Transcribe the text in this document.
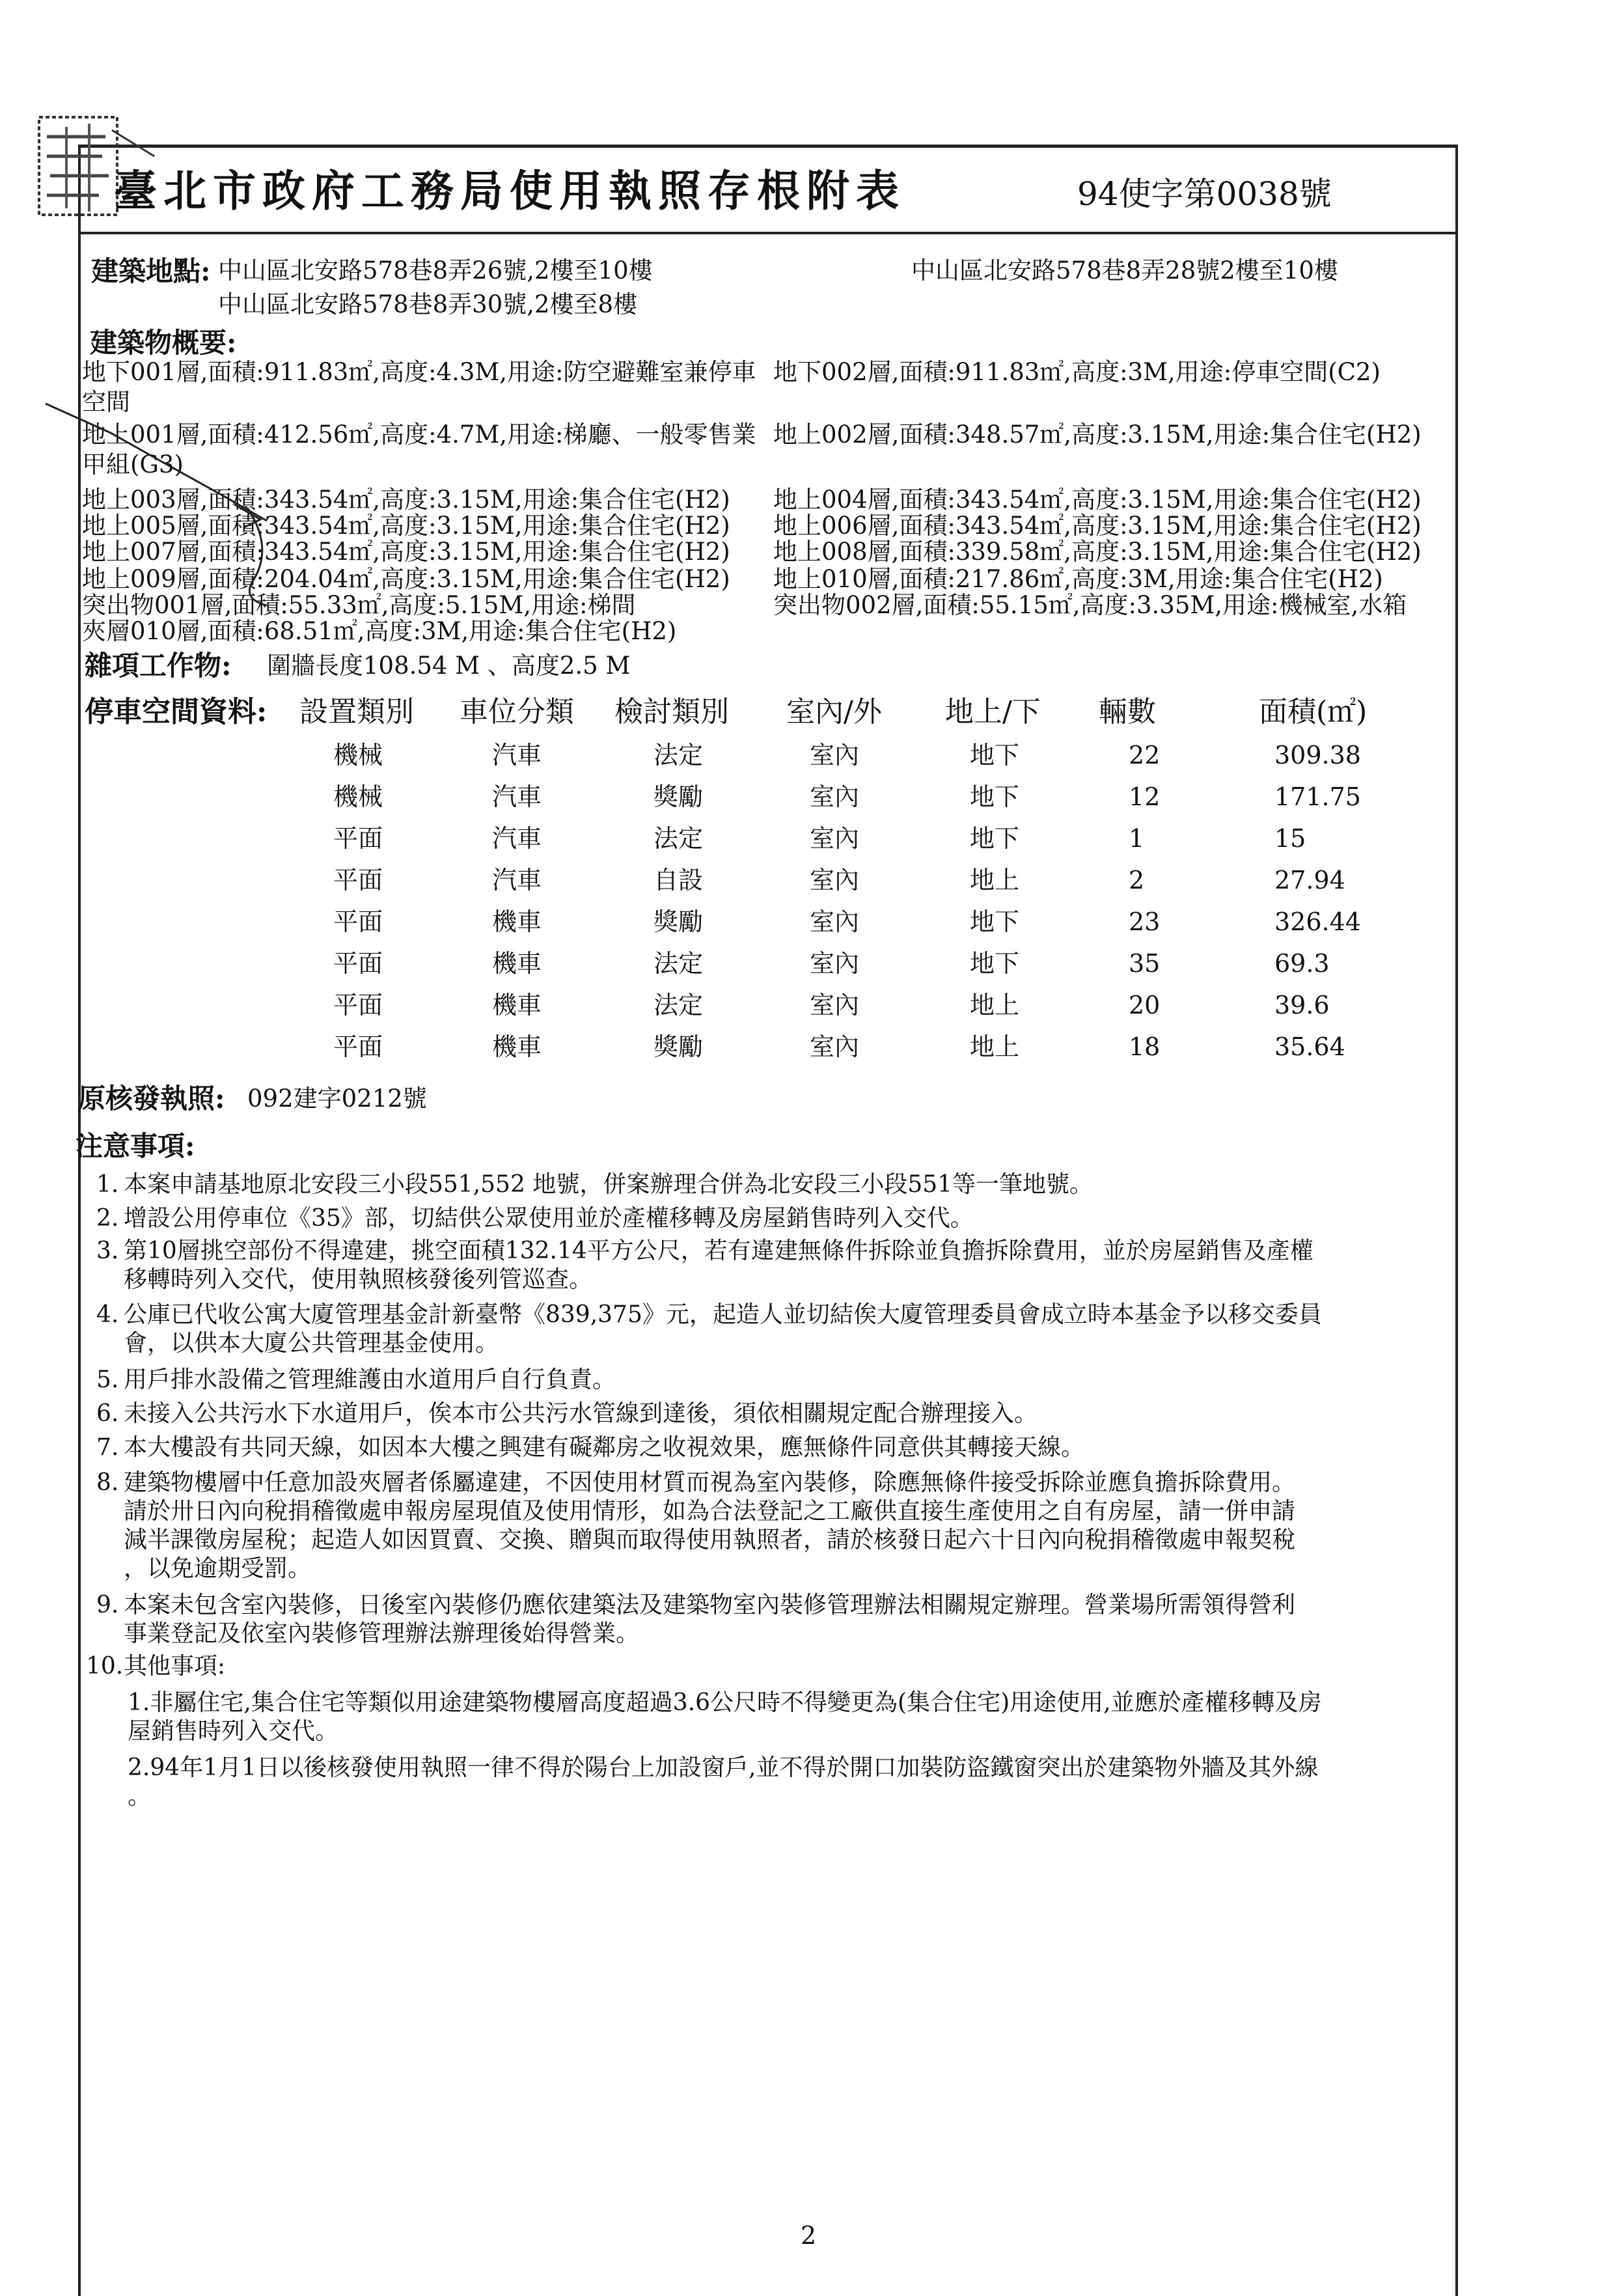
臺北市政府工務局使用執照存根附表	94使字第0038號
建築地點: 中山區北安路578巷8弄26號,2樓至10樓	中山區北安路578巷8弄28號2樓至10樓
中山區北安路578巷8弄30號,2樓至8樓
建築物概要:
地下001層,面積:911.83㎡,高度:4.3M,用途:防空避難室兼停車 地下002層,面積:911.83㎡,高度:3M,用途:停車空間(C2)
空間
地上001層,面積:412.56㎡,高度:4.7M,用途:梯廳、一般零售業 地上002層,面積:348.57㎡,高度:3.15M,用途:集合住宅(H2)
甲組(G3)
地上003層,面積:343.54㎡,高度:3.15M,用途:集合住宅(H2) 地上004層,面積:343.54㎡,高度:3.15M,用途:集合住宅(H2)
地上005層,面積:343.54㎡,高度:3.15M,用途:集合住宅(H2) 地上006層,面積:343.54㎡,高度:3.15M,用途:集合住宅(H2)
地上007層,面積:343.54㎡,高度:3.15M,用途:集合住宅(H2) 地上008層,面積:339.58㎡,高度:3.15M,用途:集合住宅(H2)
地上009層,面積:204.04㎡,高度:3.15M,用途:集合住宅(H2) 地上010層,面積:217.86㎡,高度:3M,用途:集合住宅(H2)
突出物001層,面積:55.33㎡,高度:5.15M,用途:梯間	突出物002層,面積:55.15㎡,高度:3.35M,用途:機械室,水箱
夾層010層,面積:68.51㎡,高度:3M,用途:集合住宅(H2)
雜項工作物: 圍牆長度108.54 M 、高度2.5 M
停車空間資料: 設置類別 車位分類 檢討類別 室內/外 地上/下 輛數	面積(㎡)
機械	汽車	法定	室內	地下	22	309.38
機械	汽車	獎勵	室內	地下	12	171.75
平面	汽車	法定	室內	地下	1	15
平面	汽車	自設	室內	地上	2	27.94
平面	機車	獎勵	室內	地下	23	326.44
平面	機車	法定	室內	地下	35	69.3
平面	機車	法定	室內	地上	20	39.6
平面	機車	獎勵	室內	地上	18	35.64
原核發執照: 092建字0212號
注意事項:
1. 本案申請基地原北安段三小段551,552 地號，併案辦理合併為北安段三小段551等一筆地號。
2. 增設公用停車位《35》部，切結供公眾使用並於產權移轉及房屋銷售時列入交代。
3. 第10層挑空部份不得違建，挑空面積132.14平方公尺，若有違建無條件拆除並負擔拆除費用，並於房屋銷售及產權
移轉時列入交代，使用執照核發後列管巡查。
4. 公庫已代收公寓大廈管理基金計新臺幣《839,375》元，起造人並切結俟大廈管理委員會成立時本基金予以移交委員
會，以供本大廈公共管理基金使用。
5. 用戶排水設備之管理維護由水道用戶自行負責。
6. 未接入公共污水下水道用戶，俟本市公共污水管線到達後，須依相關規定配合辦理接入。
7. 本大樓設有共同天線，如因本大樓之興建有礙鄰房之收視效果，應無條件同意供其轉接天線。
8. 建築物樓層中任意加設夾層者係屬違建，不因使用材質而視為室內裝修，除應無條件接受拆除並應負擔拆除費用。
請於卅日內向稅捐稽徵處申報房屋現值及使用情形，如為合法登記之工廠供直接生產使用之自有房屋，請一併申請
減半課徵房屋稅；起造人如因買賣、交換、贈與而取得使用執照者，請於核發日起六十日內向稅捐稽徵處申報契稅
，以免逾期受罰。
9. 本案未包含室內裝修，日後室內裝修仍應依建築法及建築物室內裝修管理辦法相關規定辦理。營業場所需領得營利
事業登記及依室內裝修管理辦法辦理後始得營業。
10. 其他事項:
1.非屬住宅,集合住宅等類似用途建築物樓層高度超過3.6公尺時不得變更為(集合住宅)用途使用,並應於產權移轉及房
屋銷售時列入交代。
2.94年1月1日以後核發使用執照一律不得於陽台上加設窗戶,並不得於開口加裝防盜鐵窗突出於建築物外牆及其外線
。
2
